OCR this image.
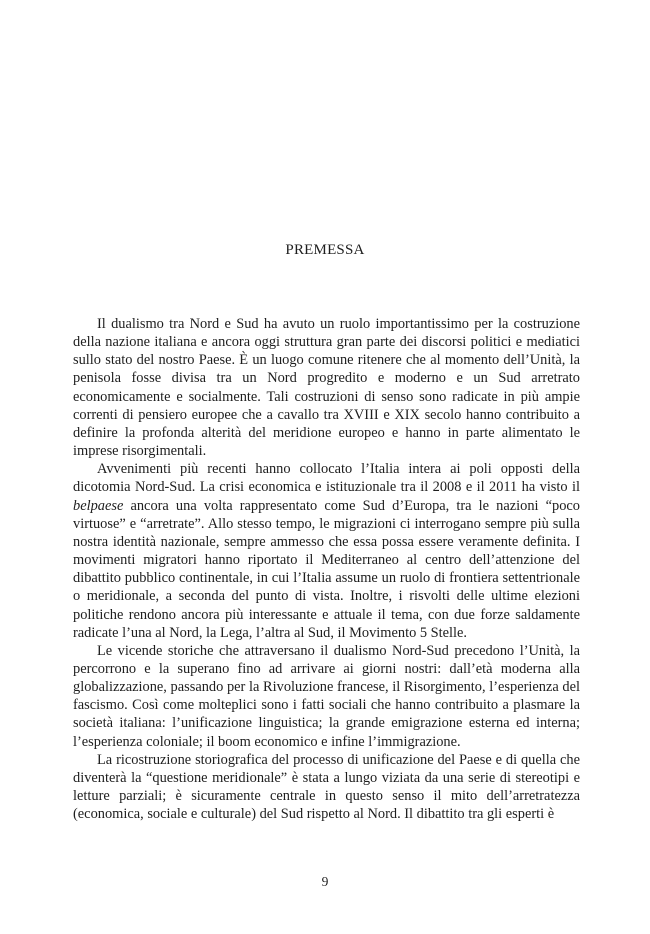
PREMESSA

Il dualismo tra Nord e Sud ha avuto un ruolo importantissimo per la costruzione della nazione italiana e ancora oggi struttura gran parte dei discorsi politici e mediatici sullo stato del nostro Paese. È un luogo comune ritenere che al momento dell’Unità, la penisola fosse divisa tra un Nord progredito e moderno e un Sud arretrato economicamente e socialmente. Tali costruzioni di senso sono radicate in più ampie correnti di pensiero europee che a cavallo tra XVIII e XIX secolo hanno contribuito a definire la profonda alterità del meridione europeo e hanno in parte alimentato le imprese risorgimentali.

Avvenimenti più recenti hanno collocato l’Italia intera ai poli opposti della dicotomia Nord-Sud. La crisi economica e istituzionale tra il 2008 e il 2011 ha visto il belpaese ancora una volta rappresentato come Sud d’Europa, tra le nazioni “poco virtuose” e “arretrate”. Allo stesso tempo, le migrazioni ci interrogano sempre più sulla nostra identità nazionale, sempre ammesso che essa possa essere veramente definita. I movimenti migratori hanno riportato il Mediterraneo al centro dell’attenzione del dibattito pubblico continentale, in cui l’Italia assume un ruolo di frontiera settentrionale o meridionale, a seconda del punto di vista. Inoltre, i risvolti delle ultime elezioni politiche rendono ancora più interessante e attuale il tema, con due forze saldamente radicate l’una al Nord, la Lega, l’altra al Sud, il Movimento 5 Stelle.

Le vicende storiche che attraversano il dualismo Nord-Sud precedono l’Unità, la percorrono e la superano fino ad arrivare ai giorni nostri: dall’età moderna alla globalizzazione, passando per la Rivoluzione francese, il Risorgimento, l’esperienza del fascismo. Così come molteplici sono i fatti sociali che hanno contribuito a plasmare la società italiana: l’unificazione linguistica; la grande emigrazione esterna ed interna; l’esperienza coloniale; il boom economico e infine l’immigrazione.

La ricostruzione storiografica del processo di unificazione del Paese e di quella che diventerà la “questione meridionale” è stata a lungo viziata da una serie di stereotipi e letture parziali; è sicuramente centrale in questo senso il mito dell’arretratezza (economica, sociale e culturale) del Sud rispetto al Nord. Il dibattito tra gli esperti è

9
